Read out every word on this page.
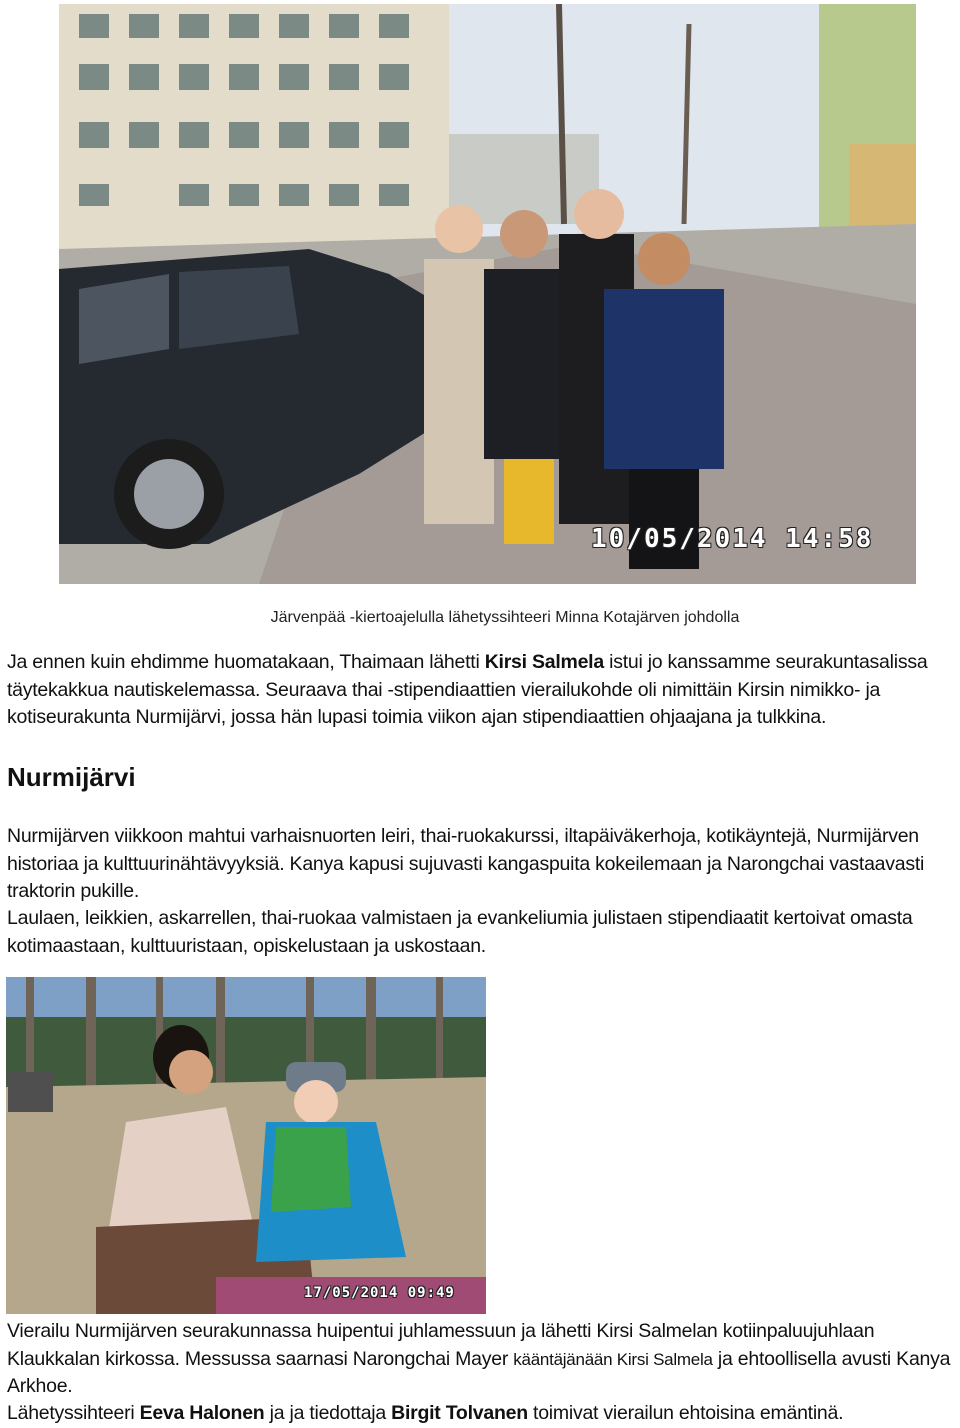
10/05/2014 14:58
Järvenpää -kiertoajelulla lähetyssihteeri Minna Kotajärven johdolla

Ja ennen kuin ehdimme huomatakaan, Thaimaan lähetti Kirsi Salmela istui jo kanssamme seurakuntasalissa täytekakkua nautiskelemassa. Seuraava thai -stipendiaattien vierailukohde oli nimittäin Kirsin nimikko- ja kotiseurakunta Nurmijärvi, jossa hän lupasi toimia viikon ajan stipendiaattien ohjaajana ja tulkkina.

Nurmijärvi

Nurmijärven viikkoon mahtui varhaisnuorten leiri, thai-ruokakurssi, iltapäiväkerhoja, kotikäyntejä, Nurmijärven historiaa ja kulttuurinähtävyyksiä. Kanya kapusi sujuvasti kangaspuita kokeilemaan ja Narongchai vastaavasti traktorin pukille.

Laulaen, leikkien, askarrellen, thai-ruokaa valmistaen ja evankeliumia julistaen stipendiaatit kertoivat omasta kotimaastaan, kulttuuristaan, opiskelustaan ja uskostaan.

17/05/2014 09:49

Vierailu Nurmijärven seurakunnassa huipentui juhlamessuun ja lähetti Kirsi Salmelan kotiinpaluujuhlaan Klaukkalan kirkossa. Messussa saarnasi Narongchai Mayer kääntäjänään Kirsi Salmela ja ehtoollisella avusti Kanya Arkhoe.

Lähetyssihteeri Eeva Halonen ja ja tiedottaja Birgit Tolvanen toimivat vierailun ehtoisina emäntinä.
